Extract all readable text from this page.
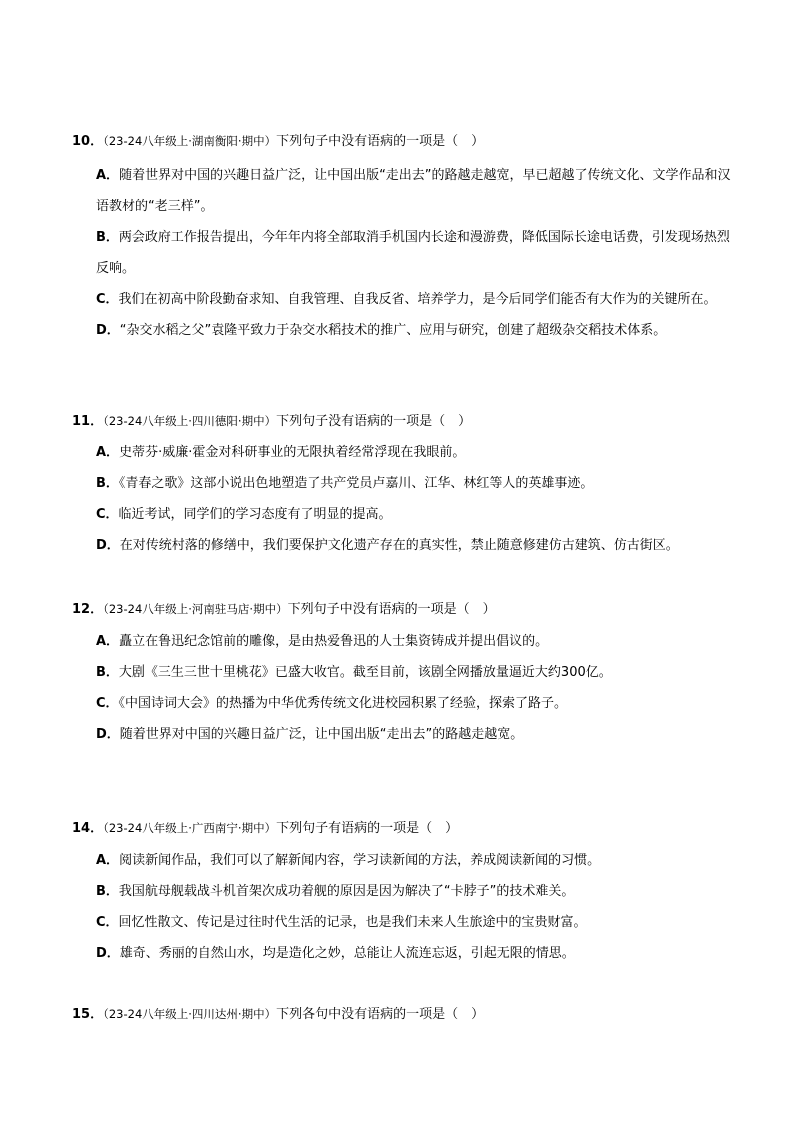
10．（23-24八年级上·湖南衡阳·期中）下列句子中没有语病的一项是（　）
A．随着世界对中国的兴趣日益广泛，让中国出版“走出去”的路越走越宽，早已超越了传统文化、文学作品和汉语教材的“老三样”。
B．两会政府工作报告提出，今年年内将全部取消手机国内长途和漫游费，降低国际长途电话费，引发现场热烈反响。
C．我们在初高中阶段勤奋求知、自我管理、自我反省、培养学力，是今后同学们能否有大作为的关键所在。
D．“杂交水稻之父”袁隆平致力于杂交水稻技术的推广、应用与研究，创建了超级杂交稻技术体系。
11．（23-24八年级上·四川德阳·期中）下列句子没有语病的一项是（　）
A．史蒂芬·威廉·霍金对科研事业的无限执着经常浮现在我眼前。
B．《青春之歌》这部小说出色地塑造了共产党员卢嘉川、江华、林红等人的英雄事迹。
C．临近考试，同学们的学习态度有了明显的提高。
D．在对传统村落的修缮中，我们要保护文化遗产存在的真实性，禁止随意修建仿古建筑、仿古街区。
12．（23-24八年级上·河南驻马店·期中）下列句子中没有语病的一项是（　）
A．矗立在鲁迅纪念馆前的雕像，是由热爱鲁迅的人士集资铸成并提出倡议的。
B．大剧《三生三世十里桃花》已盛大收官。截至目前，该剧全网播放量逼近大约300亿。
C．《中国诗词大会》的热播为中华优秀传统文化进校园积累了经验，探索了路子。
D．随着世界对中国的兴趣日益广泛，让中国出版“走出去”的路越走越宽。
14．（23-24八年级上·广西南宁·期中）下列句子有语病的一项是（　）
A．阅读新闻作品，我们可以了解新闻内容，学习读新闻的方法，养成阅读新闻的习惯。
B．我国航母舰载战斗机首架次成功着舰的原因是因为解决了“卡脖子”的技术难关。
C．回忆性散文、传记是过往时代生活的记录，也是我们未来人生旅途中的宝贵财富。
D．雄奇、秀丽的自然山水，均是造化之妙，总能让人流连忘返，引起无限的情思。
15．（23-24八年级上·四川达州·期中）下列各句中没有语病的一项是（　）
